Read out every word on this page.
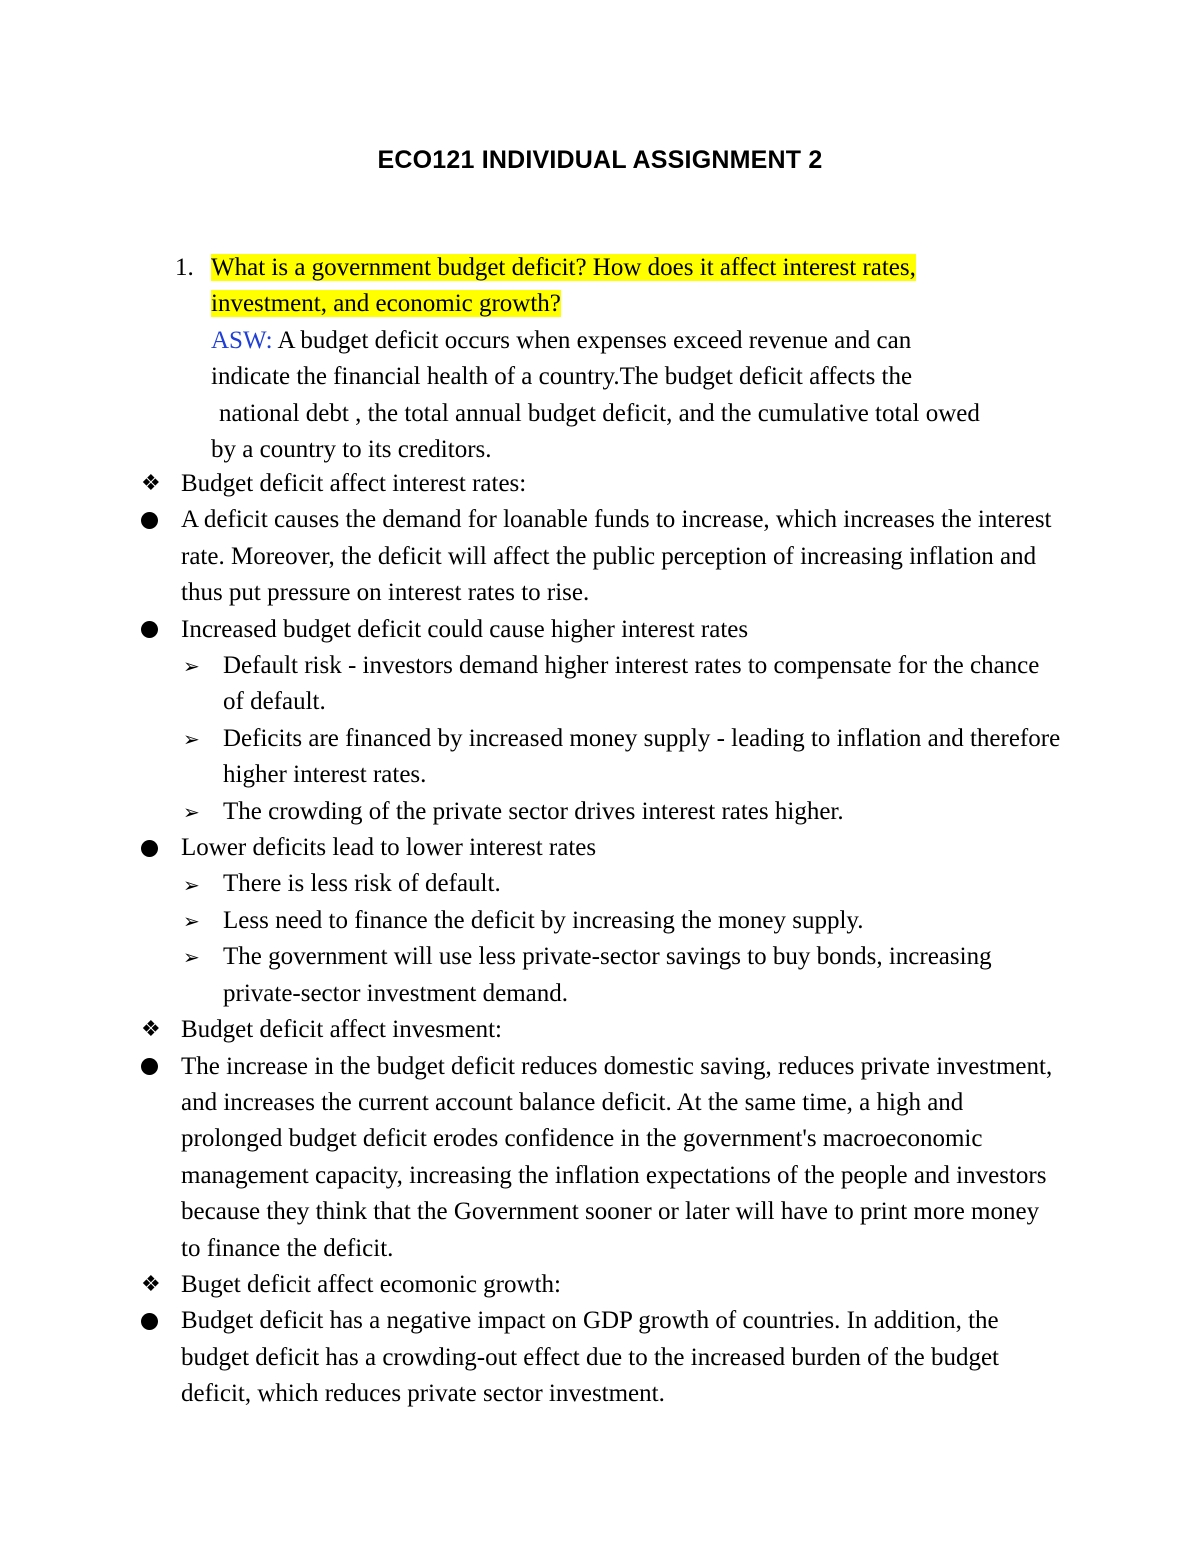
ECO121 INDIVIDUAL ASSIGNMENT 2
1. What is a government budget deficit? How does it affect interest rates,
investment, and economic growth?
ASW: A budget deficit occurs when expenses exceed revenue and can
indicate the financial health of a country.The budget deficit affects the
national debt , the total annual budget deficit, and the cumulative total owed
by a country to its creditors.
❖ Budget deficit affect interest rates:

A deficit causes the demand for loanable funds to increase, which increases the interest rate. Moreover, the deficit will affect the public perception of increasing inflation and thus put pressure on interest rates to rise.

Increased budget deficit could cause higher interest rates

➢ Default risk - investors demand higher interest rates to compensate for the chance of default.

➢ Deficits are financed by increased money supply - leading to inflation and therefore higher interest rates.

➢ The crowding of the private sector drives interest rates higher.

Lower deficits lead to lower interest rates

➢ There is less risk of default.

➢ Less need to finance the deficit by increasing the money supply.

➢ The government will use less private-sector savings to buy bonds, increasing private-sector investment demand.

❖ Budget deficit affect invesment:

The increase in the budget deficit reduces domestic saving, reduces private investment, and increases the current account balance deficit. At the same time, a high and prolonged budget deficit erodes confidence in the government's macroeconomic management capacity, increasing the inflation expectations of the people and investors because they think that the Government sooner or later will have to print more money to finance the deficit.

❖ Buget deficit affect ecomonic growth:

Budget deficit has a negative impact on GDP growth of countries. In addition, the budget deficit has a crowding-out effect due to the increased burden of the budget deficit, which reduces private sector investment.
